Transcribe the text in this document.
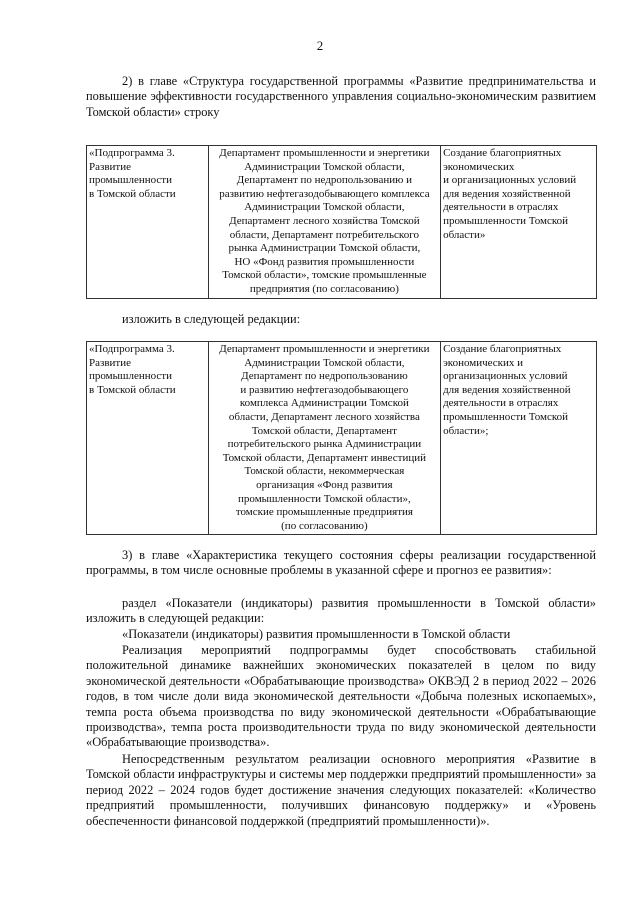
2
2) в главе «Структура государственной программы «Развитие предпринимательства и повышение эффективности государственного управления социально-экономическим развитием Томской области» строку
«Подпрограмма 3.
Развитие
промышленности
в Томской области

Департамент промышленности и энергетики
Администрации Томской области,
Департамент по недропользованию и
развитию нефтегазодобывающего комплекса
Администрации Томской области,
Департамент лесного хозяйства Томской
области, Департамент потребительского
рынка Администрации Томской области,
НО «Фонд развития промышленности
Томской области», томские промышленные
предприятия (по согласованию)

Создание благоприятных
экономических
и организационных условий
для ведения хозяйственной
деятельности в отраслях
промышленности Томской
области»
изложить в следующей редакции:
«Подпрограмма 3.
Развитие
промышленности
в Томской области

Департамент промышленности и энергетики
Администрации Томской области,
Департамент по недропользованию
и развитию нефтегазодобывающего
комплекса Администрации Томской
области, Департамент лесного хозяйства
Томской области, Департамент
потребительского рынка Администрации
Томской области, Департамент инвестиций
Томской области, некоммерческая
организация «Фонд развития
промышленности Томской области»,
томские промышленные предприятия
(по согласованию)

Создание благоприятных
экономических и
организационных условий
для ведения хозяйственной
деятельности в отраслях
промышленности Томской
области»;
3) в главе «Характеристика текущего состояния сферы реализации государственной программы, в том числе основные проблемы в указанной сфере и прогноз ее развития»:
раздел «Показатели (индикаторы) развития промышленности в Томской области» изложить в следующей редакции:
«Показатели (индикаторы) развития промышленности в Томской области
Реализация мероприятий подпрограммы будет способствовать стабильной положительной динамике важнейших экономических показателей в целом по виду экономической деятельности «Обрабатывающие производства» ОКВЭД 2 в период 2022 – 2026 годов, в том числе доли вида экономической деятельности «Добыча полезных ископаемых», темпа роста объема производства по виду экономической деятельности «Обрабатывающие производства», темпа роста производительности труда по виду экономической деятельности «Обрабатывающие производства».
Непосредственным результатом реализации основного мероприятия «Развитие в Томской области инфраструктуры и системы мер поддержки предприятий промышленности» за период 2022 – 2024 годов будет достижение значения следующих показателей: «Количество предприятий промышленности, получивших финансовую поддержку» и «Уровень обеспеченности финансовой поддержкой (предприятий промышленности)».
